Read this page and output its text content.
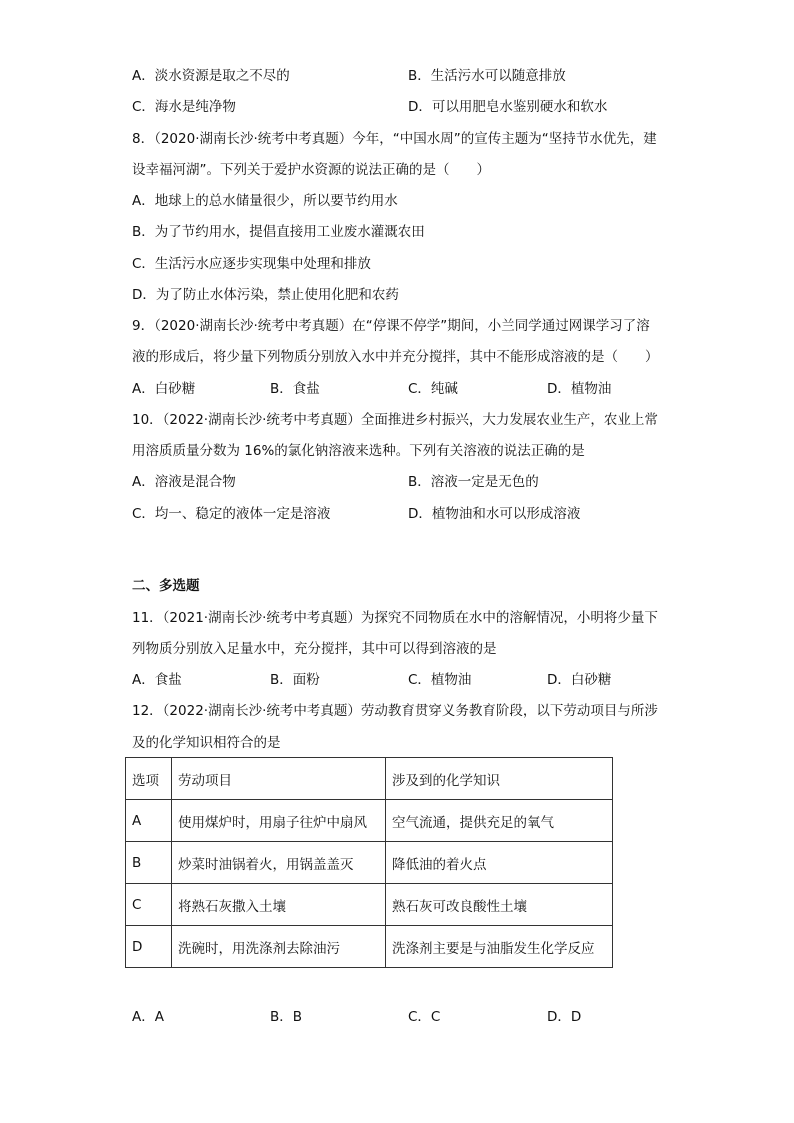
A．淡水资源是取之不尽的	B．生活污水可以随意排放
C．海水是纯净物	D．可以用肥皂水鉴别硬水和软水
8．（2020·湖南长沙·统考中考真题）今年，“中国水周”的宣传主题为“坚持节水优先，建
设幸福河湖”。下列关于爱护水资源的说法正确的是（　　）
A．地球上的总水储量很少，所以要节约用水
B．为了节约用水，提倡直接用工业废水灌溉农田
C．生活污水应逐步实现集中处理和排放
D．为了防止水体污染，禁止使用化肥和农药
9．（2020·湖南长沙·统考中考真题）在“停课不停学”期间，小兰同学通过网课学习了溶
液的形成后，将少量下列物质分别放入水中并充分搅拌，其中不能形成溶液的是（　　）
A．白砂糖	B．食盐	C．纯碱	D．植物油
10．（2022·湖南长沙·统考中考真题）全面推进乡村振兴，大力发展农业生产，农业上常
用溶质质量分数为 16%的氯化钠溶液来选种。下列有关溶液的说法正确的是
A．溶液是混合物	B．溶液一定是无色的
C．均一、稳定的液体一定是溶液	D．植物油和水可以形成溶液
二、多选题
11．（2021·湖南长沙·统考中考真题）为探究不同物质在水中的溶解情况，小明将少量下
列物质分别放入足量水中，充分搅拌，其中可以得到溶液的是
A．食盐	B．面粉	C．植物油	D．白砂糖
12．（2022·湖南长沙·统考中考真题）劳动教育贯穿义务教育阶段，以下劳动项目与所涉
及的化学知识相符合的是
选项	劳动项目	涉及到的化学知识
A	使用煤炉时，用扇子往炉中扇风	空气流通，提供充足的氧气
B	炒菜时油锅着火，用锅盖盖灭	降低油的着火点
C	将熟石灰撒入土壤	熟石灰可改良酸性土壤
D	洗碗时，用洗涤剂去除油污	洗涤剂主要是与油脂发生化学反应
A．A	B．B	C．C	D．D
